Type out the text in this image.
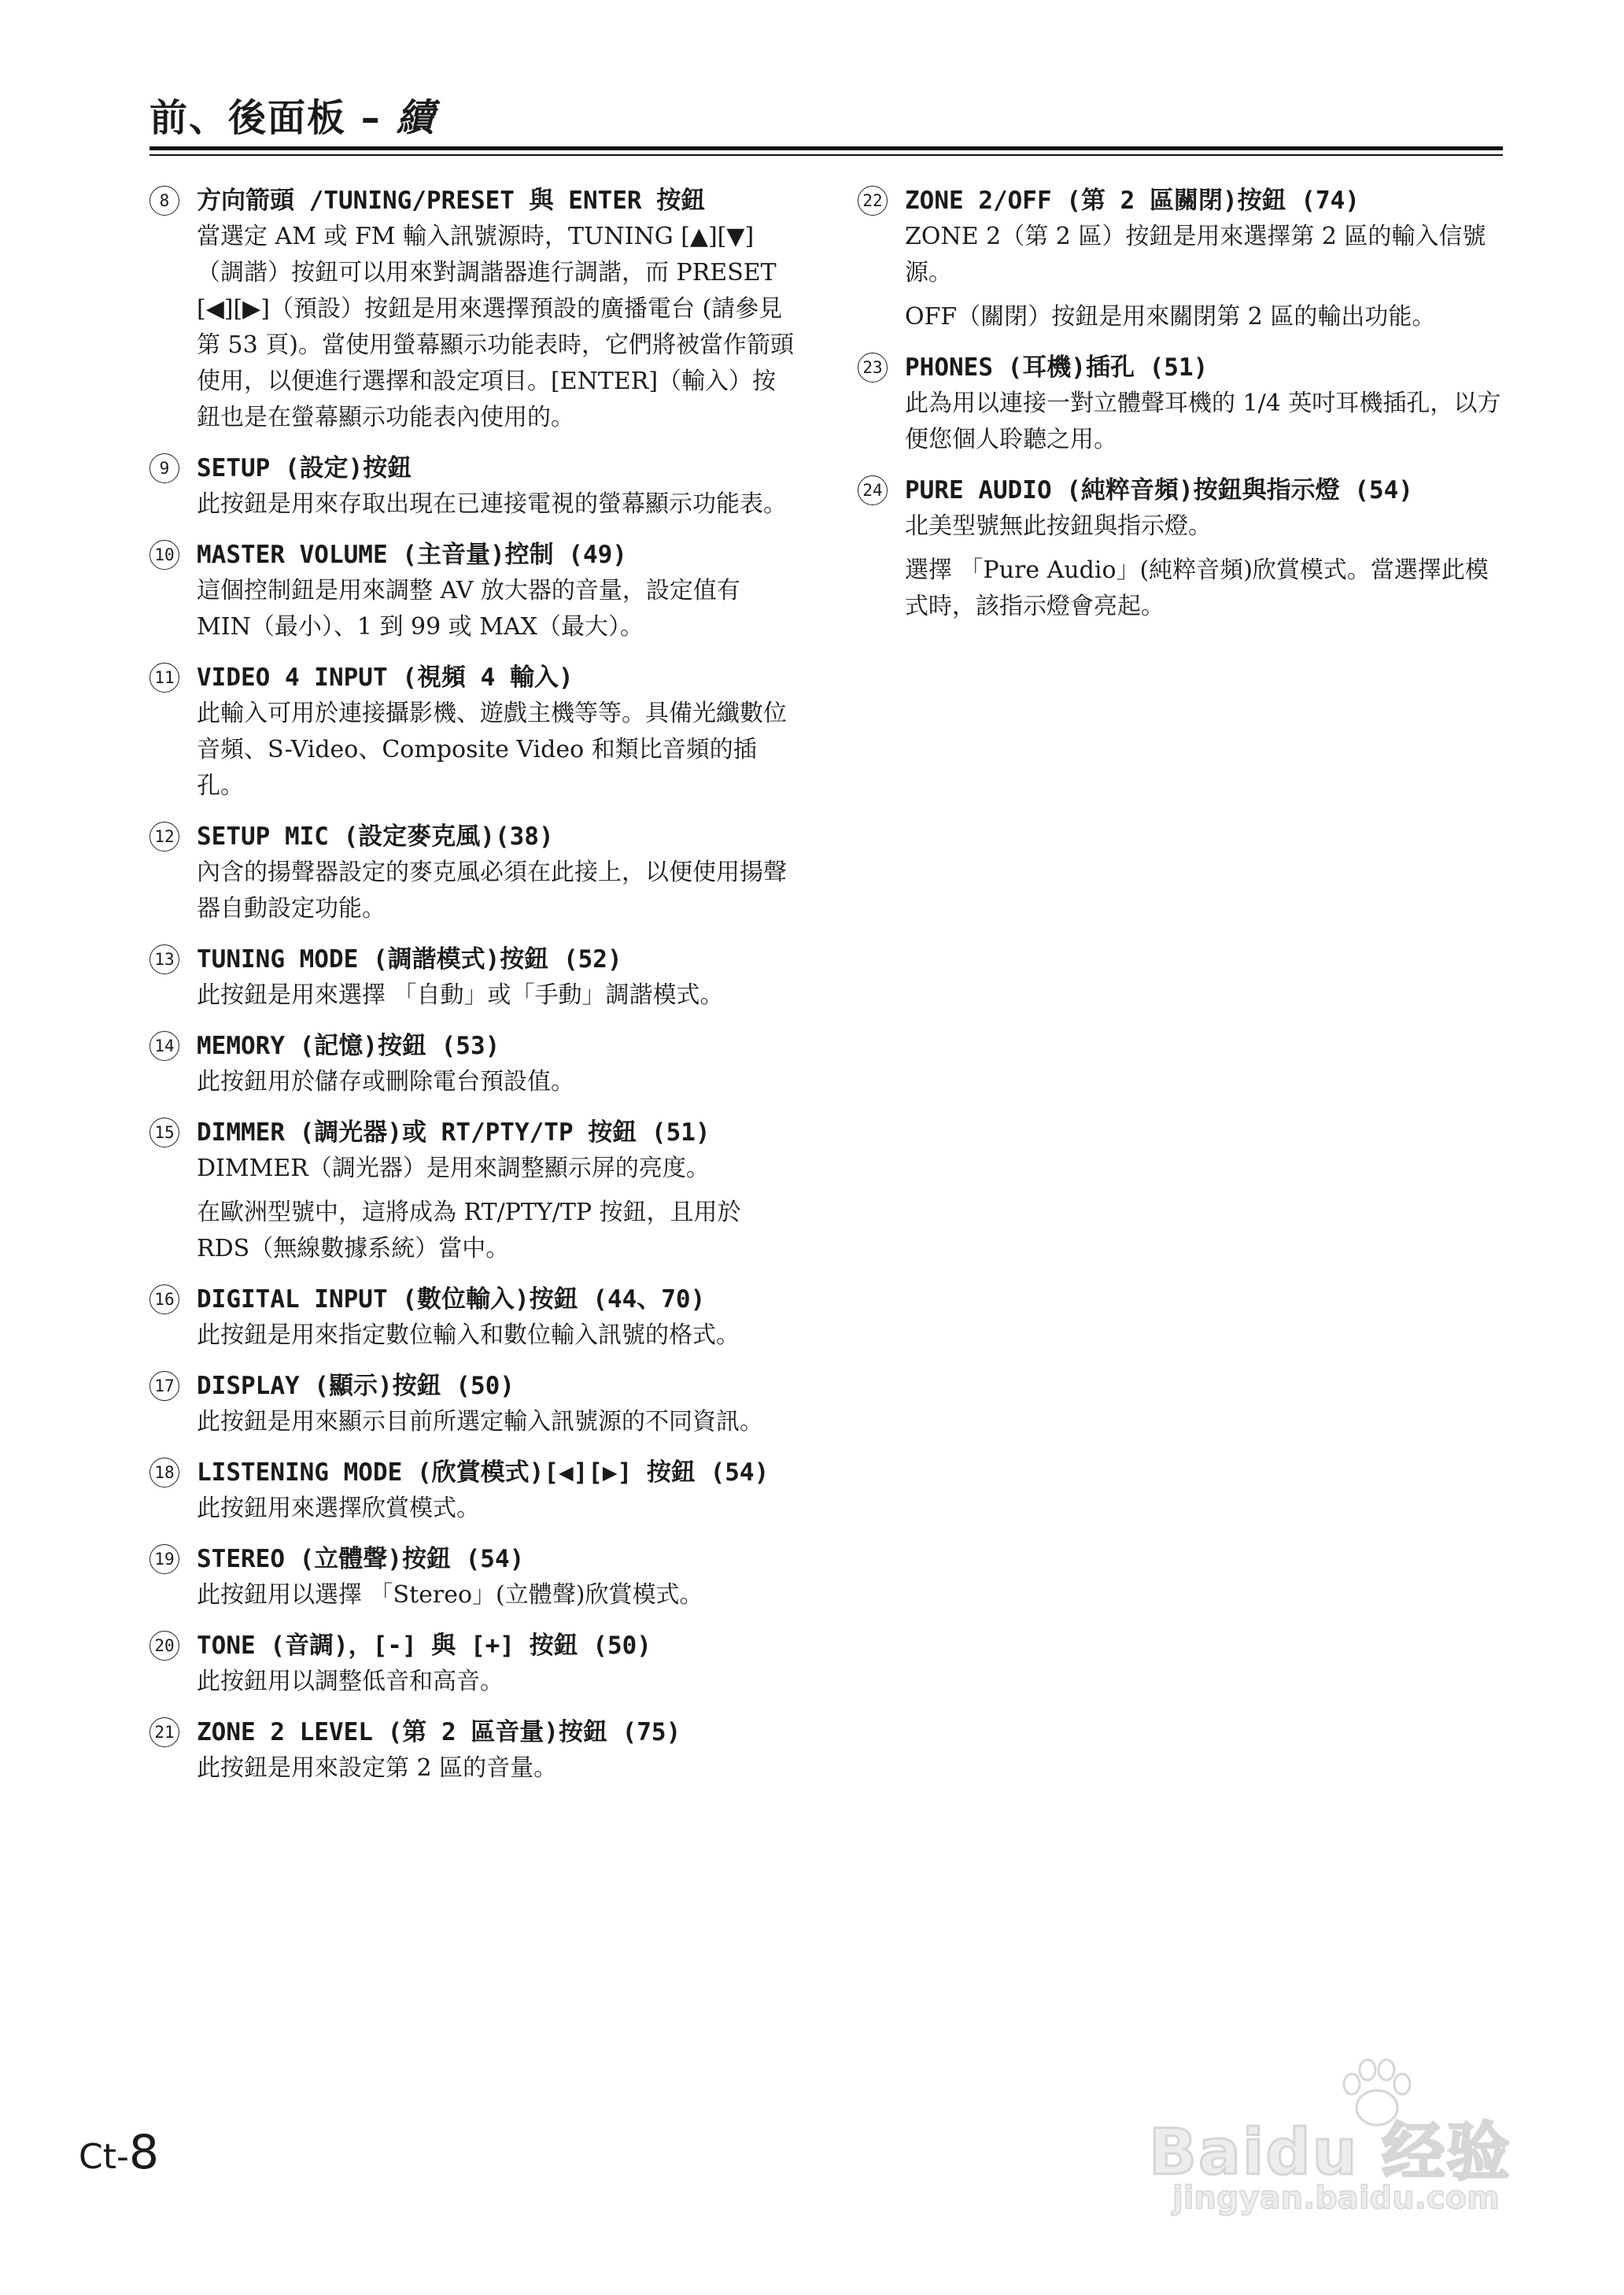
前、後面板 – 續
8	方向箭頭 /TUNING/PRESET 與 ENTER 按鈕
當選定 AM 或 FM 輸入訊號源時，TUNING [▲][▼]（調諧）按鈕可以用來對調諧器進行調諧，而 PRESET [◀][▶]（預設）按鈕是用來選擇預設的廣播電台 (請參見第 53 頁)。當使用螢幕顯示功能表時，它們將被當作箭頭使用，以便進行選擇和設定項目。[ENTER]（輸入）按鈕也是在螢幕顯示功能表內使用的。
9	SETUP (設定)按鈕
此按鈕是用來存取出現在已連接電視的螢幕顯示功能表。
10 MASTER VOLUME (主音量)控制 (49)
這個控制鈕是用來調整 AV 放大器的音量，設定值有 MIN（最小）、1 到 99 或 MAX（最大）。
11 VIDEO 4 INPUT (視頻 4 輸入)
此輸入可用於連接攝影機、遊戲主機等等。具備光纖數位音頻、S-Video、Composite Video 和類比音頻的插孔。
12 SETUP MIC (設定麥克風)(38)
內含的揚聲器設定的麥克風必須在此接上，以便使用揚聲器自動設定功能。
13 TUNING MODE (調諧模式)按鈕 (52)
此按鈕是用來選擇 「自動」或「手動」調諧模式。
14 MEMORY (記憶)按鈕 (53)
此按鈕用於儲存或刪除電台預設值。
15 DIMMER (調光器)或 RT/PTY/TP 按鈕 (51)
DIMMER（調光器）是用來調整顯示屏的亮度。
在歐洲型號中，這將成為 RT/PTY/TP 按鈕，且用於 RDS（無線數據系統）當中。
16 DIGITAL INPUT (數位輸入)按鈕 (44、70)
此按鈕是用來指定數位輸入和數位輸入訊號的格式。
17 DISPLAY (顯示)按鈕 (50)
此按鈕是用來顯示目前所選定輸入訊號源的不同資訊。
18 LISTENING MODE (欣賞模式)[◀][▶] 按鈕 (54)
此按鈕用來選擇欣賞模式。
19 STEREO (立體聲)按鈕 (54)
此按鈕用以選擇 「Stereo」(立體聲)欣賞模式。
20 TONE (音調)，[-] 與 [+] 按鈕 (50)
此按鈕用以調整低音和高音。
21 ZONE 2 LEVEL (第 2 區音量)按鈕 (75)
此按鈕是用來設定第 2 區的音量。
22 ZONE 2/OFF (第 2 區關閉)按鈕 (74)
ZONE 2（第 2 區）按鈕是用來選擇第 2 區的輸入信號源。
OFF（關閉）按鈕是用來關閉第 2 區的輸出功能。
23 PHONES (耳機)插孔 (51)
此為用以連接一對立體聲耳機的 1/4 英吋耳機插孔，以方便您個人聆聽之用。
24 PURE AUDIO (純粹音頻)按鈕與指示燈 (54)
北美型號無此按鈕與指示燈。
選擇 「Pure Audio」(純粹音頻)欣賞模式。當選擇此模式時，該指示燈會亮起。
Ct-8	Baidu 经验
jingyan.baidu.com
